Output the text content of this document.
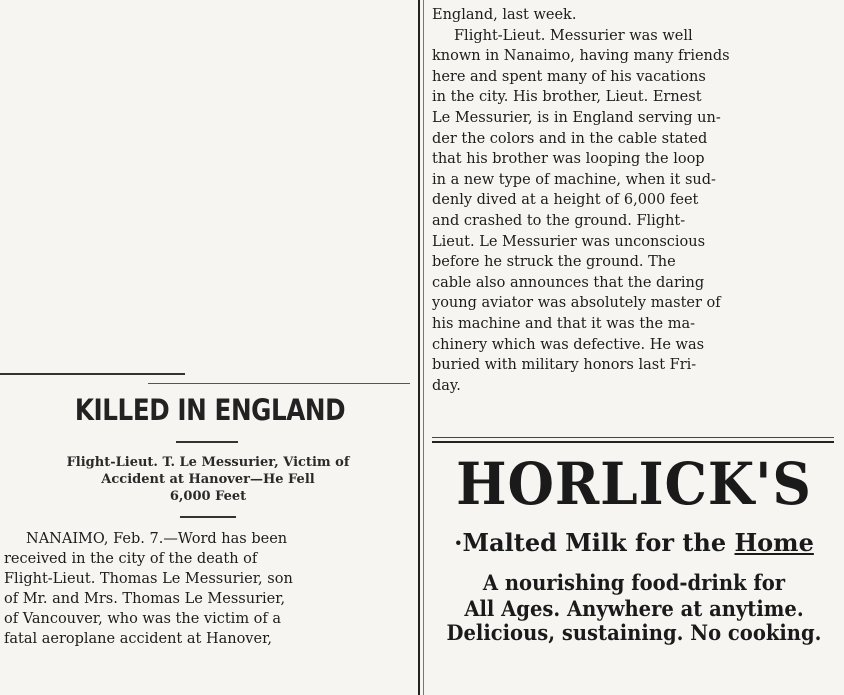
KILLED IN ENGLAND

Flight-Lieut. T. Le Messurier, Victim of
Accident at Hanover—He Fell
6,000 Feet

NANAIMO, Feb. 7.—Word has been
received in the city of the death of
Flight-Lieut. Thomas Le Messurier, son
of Mr. and Mrs. Thomas Le Messurier,
of Vancouver, who was the victim of a
fatal aeroplane accident at Hanover,

England, last week.

Flight-Lieut. Messurier was well

known in Nanaimo, having many friends

here and spent many of his vacations

in the city. His brother, Lieut. Ernest

Le Messurier, is in England serving un-

der the colors and in the cable stated

that his brother was looping the loop

in a new type of machine, when it sud-

denly dived at a height of 6,000 feet

and crashed to the ground. Flight-

Lieut. Le Messurier was unconscious

before he struck the ground. The

cable also announces that the daring

young aviator was absolutely master of

his machine and that it was the ma-

chinery which was defective. He was

buried with military honors last Fri-

day.

HORLICK'S
·Malted Milk for the Home
A nourishing food-drink for
All Ages. Anywhere at anytime.
Delicious, sustaining. No cooking.
